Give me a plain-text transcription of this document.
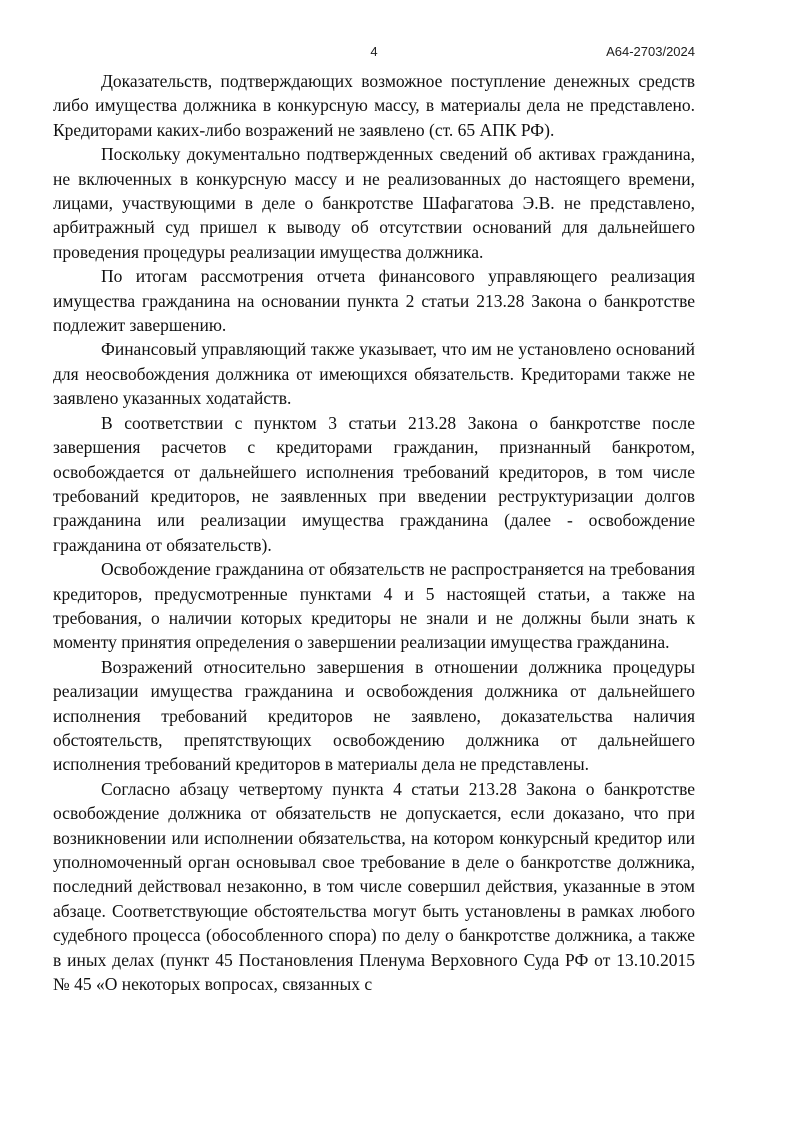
4	А64-2703/2024

Доказательств, подтверждающих возможное поступление денежных средств либо имущества должника в конкурсную массу, в материалы дела не представлено. Кредиторами каких-либо возражений не заявлено (ст. 65 АПК РФ).

Поскольку документально подтвержденных сведений об активах гражданина, не включенных в конкурсную массу и не реализованных до настоящего времени, лицами, участвующими в деле о банкротстве Шафагатова Э.В. не представлено, арбитражный суд пришел к выводу об отсутствии оснований для дальнейшего проведения процедуры реализации имущества должника.

По итогам рассмотрения отчета финансового управляющего реализация имущества гражданина на основании пункта 2 статьи 213.28 Закона о банкротстве подлежит завершению.

Финансовый управляющий также указывает, что им не установлено оснований для неосвобождения должника от имеющихся обязательств. Кредиторами также не заявлено указанных ходатайств.

В соответствии с пунктом 3 статьи 213.28 Закона о банкротстве после завершения расчетов с кредиторами гражданин, признанный банкротом, освобождается от дальнейшего исполнения требований кредиторов, в том числе требований кредиторов, не заявленных при введении реструктуризации долгов гражданина или реализации имущества гражданина (далее - освобождение гражданина от обязательств).

Освобождение гражданина от обязательств не распространяется на требования кредиторов, предусмотренные пунктами 4 и 5 настоящей статьи, а также на требования, о наличии которых кредиторы не знали и не должны были знать к моменту принятия определения о завершении реализации имущества гражданина.

Возражений относительно завершения в отношении должника процедуры реализации имущества гражданина и освобождения должника от дальнейшего исполнения требований кредиторов не заявлено, доказательства наличия обстоятельств, препятствующих освобождению должника от дальнейшего исполнения требований кредиторов в материалы дела не представлены.

Согласно абзацу четвертому пункта 4 статьи 213.28 Закона о банкротстве освобождение должника от обязательств не допускается, если доказано, что при возникновении или исполнении обязательства, на котором конкурсный кредитор или уполномоченный орган основывал свое требование в деле о банкротстве должника, последний действовал незаконно, в том числе совершил действия, указанные в этом абзаце. Соответствующие обстоятельства могут быть установлены в рамках любого судебного процесса (обособленного спора) по делу о банкротстве должника, а также в иных делах (пункт 45 Постановления Пленума Верховного Суда РФ от 13.10.2015 № 45 «О некоторых вопросах, связанных с
